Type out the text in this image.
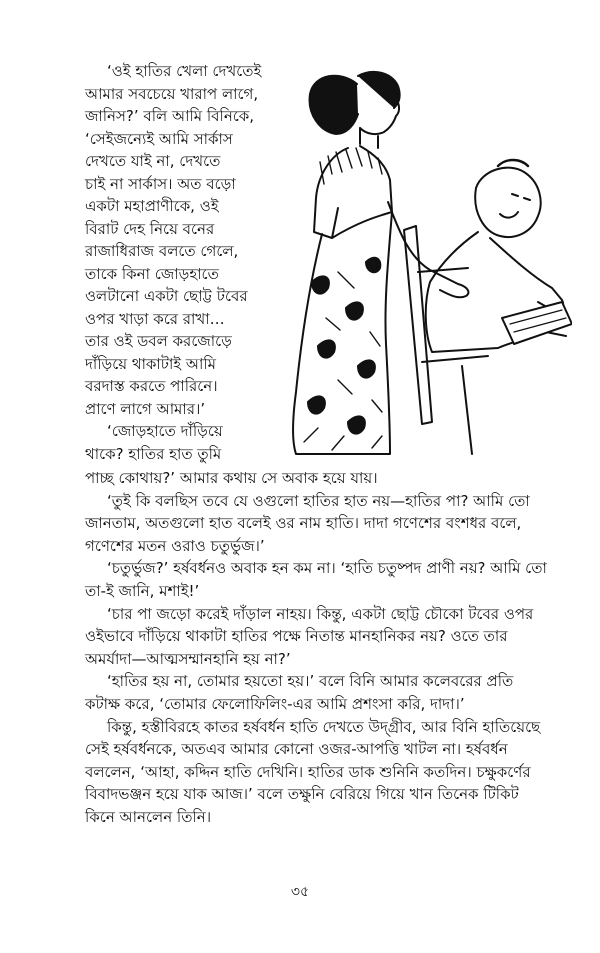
‘ওই হাতির খেলা দেখতেই
আমার সবচেয়ে খারাপ লাগে,
জানিস?’ বলি আমি বিনিকে,
‘সেইজন্যেই আমি সার্কাস
দেখতে যাই না, দেখতে
চাই না সার্কাস। অত বড়ো
একটা মহাপ্রাণীকে, ওই
বিরাট দেহ নিয়ে বনের
রাজাধিরাজ বলতে গেলে,
তাকে কিনা জোড়হাতে
ওলটানো একটা ছোট্ট টবের
ওপর খাড়া করে রাখা…
তার ওই ডবল করজোড়ে
দাঁড়িয়ে থাকাটাই আমি
বরদাস্ত করতে পারিনে।
প্রাণে লাগে আমার।’
‘জোড়হাতে দাঁড়িয়ে
থাকে? হাতির হাত তুমি
পাচ্ছ কোথায়?’ আমার কথায় সে অবাক হয়ে যায়।
‘তুই কি বলছিস তবে যে ওগুলো হাতির হাত নয়—হাতির পা? আমি তো
জানতাম, অতগুলো হাত বলেই ওর নাম হাতি। দাদা গণেশের বংশধর বলে,
গণেশের মতন ওরাও চতুর্ভুজ।’
‘চতুর্ভুজ?’ হর্ষবর্ধনও অবাক হন কম না। ‘হাতি চতুষ্পদ প্রাণী নয়? আমি তো
তা-ই জানি, মশাই!’
‘চার পা জড়ো করেই দাঁড়াল নাহয়। কিন্তু, একটা ছোট্ট চৌকো টবের ওপর
ওইভাবে দাঁড়িয়ে থাকাটা হাতির পক্ষে নিতান্ত মানহানিকর নয়? ওতে তার
অমর্যাদা—আত্মসম্মানহানি হয় না?’
‘হাতির হয় না, তোমার হয়তো হয়।’ বলে বিনি আমার কলেবরের প্রতি
কটাক্ষ করে, ‘তোমার ফেলোফিলিং-এর আমি প্রশংসা করি, দাদা।’
কিন্তু, হস্তীবিরহে কাতর হর্ষবর্ধন হাতি দেখতে উদ্গ্রীব, আর বিনি হাতিয়েছে
সেই হর্ষবর্ধনকে, অতএব আমার কোনো ওজর-আপত্তি খাটল না। হর্ষবর্ধন
বললেন, ‘আহা, কদ্দিন হাতি দেখিনি। হাতির ডাক শুনিনি কতদিন। চক্ষুকর্ণের
বিবাদভঞ্জন হয়ে যাক আজ।’ বলে তক্ষুনি বেরিয়ে গিয়ে খান তিনেক টিকিট
কিনে আনলেন তিনি।
৩৫
